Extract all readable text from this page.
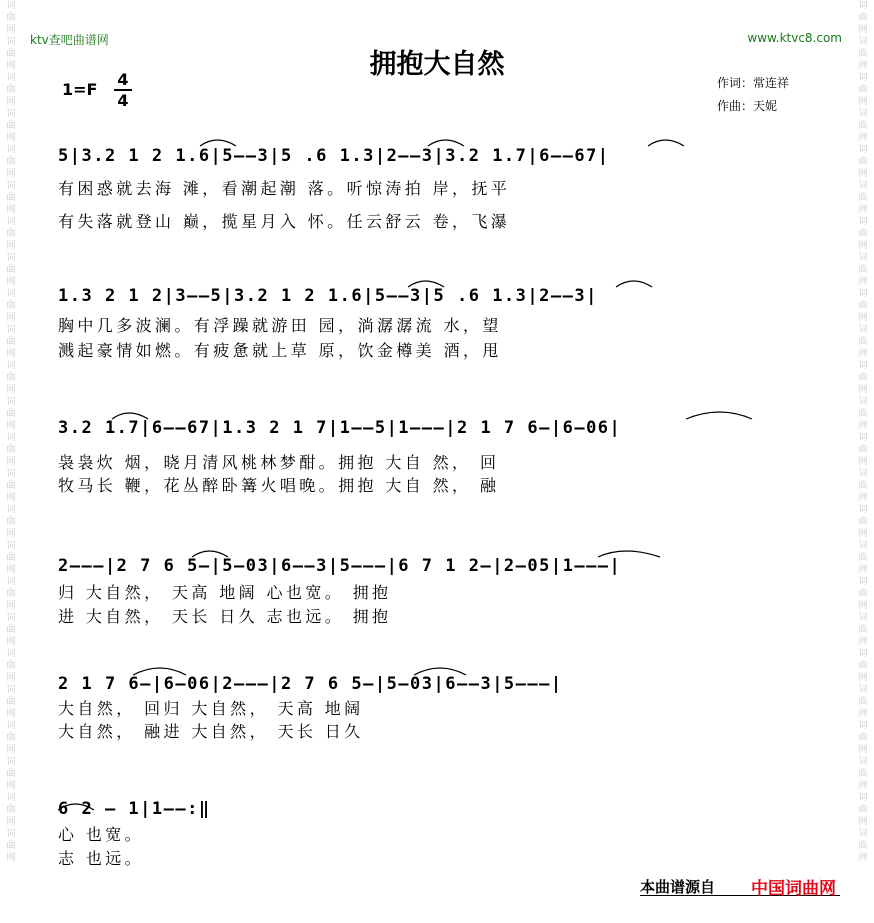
词曲网词曲网词曲网词曲网词曲网词曲网词曲网词曲网词曲网词曲网词曲网词曲网词曲网词曲网词曲网词曲网词曲网词曲网词曲网词曲网词曲网词曲网词曲网词曲网
词曲网词曲网词曲网词曲网词曲网词曲网词曲网词曲网词曲网词曲网词曲网词曲网词曲网词曲网词曲网词曲网词曲网词曲网词曲网词曲网词曲网词曲网词曲网词曲网
ktv查吧曲谱网	www.ktvc8.com
拥抱大自然
1=F
4
4
作词：常连祥
作曲：天妮
5|3.2 1 2 1.6|5——3|5 .6 1.3|2——3|3.2 1.7|6——67|
有困惑就去海 滩，看潮起潮 落。听惊涛拍 岸，抚平
有失落就登山 巅，揽星月入 怀。任云舒云 卷，飞瀑
1.3 2 1 2|3——5|3.2 1 2 1.6|5——3|5 .6 1.3|2——3|
胸中几多波澜。有浮躁就游田 园，淌潺潺流 水，望
溅起豪情如燃。有疲惫就上草 原，饮金樽美 酒，甩
3.2 1.7|6——67|1.3 2 1 7|1——5|1———|2 1 7 6—|6—06|
袅袅炊 烟，晓月清风桃林梦酣。拥抱 大自 然， 回
牧马长 鞭，花丛醉卧篝火唱晚。拥抱 大自 然， 融
2———|2 7 6 5—|5—03|6——3|5———|6 7 1 2—|2—05|1———|
归 大自然， 天高 地阔 心也宽。 拥抱
进 大自然， 天长 日久 志也远。 拥抱
2 1 7 6—|6—06|2———|2 7 6 5—|5—03|6——3|5———|
大自然， 回归 大自然， 天高 地阔
大自然， 融进 大自然， 天长 日久
6 2 — 1|1——:‖
心 也宽。
志 也远。
本曲谱源自 中国词曲网
